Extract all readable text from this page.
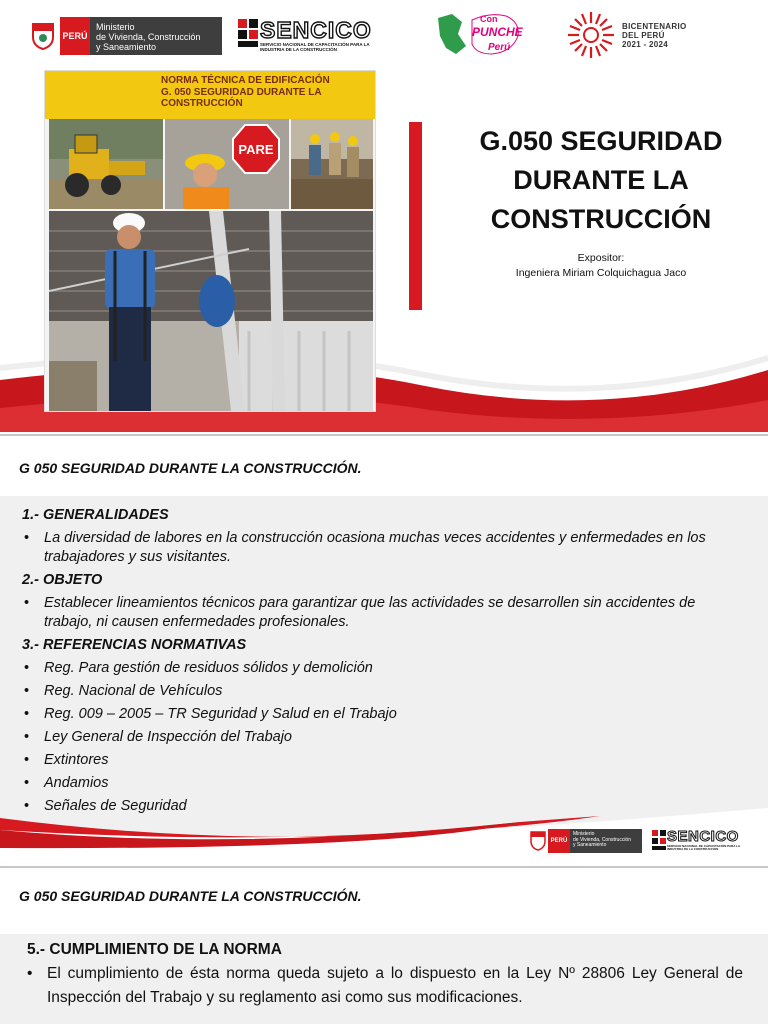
PERÚ
Ministerio
de Vivienda, Construcción
y Saneamiento
SENCICO
SERVICIO NACIONAL DE CAPACITACIÓN PARA LA INDUSTRIA DE LA CONSTRUCCIÓN
Con
PUNCHE
Perú
BICENTENARIO
DEL PERÚ
2021 - 2024
NORMA TÉCNICA DE EDIFICACIÓN
G. 050 SEGURIDAD DURANTE LA
CONSTRUCCIÓN
PARE	G.050 SEGURIDAD
DURANTE LA
CONSTRUCCIÓN
Expositor:
Ingeniera Miriam Colquichagua Jaco
G 050 SEGURIDAD DURANTE LA CONSTRUCCIÓN.
1.- GENERALIDADES
• La diversidad de labores en la construcción ocasiona muchas veces accidentes y enfermedades en los trabajadores y sus visitantes.
2.- OBJETO
• Establecer lineamientos técnicos para garantizar que las actividades se desarrollen sin accidentes de trabajo, ni causen enfermedades profesionales.
3.- REFERENCIAS NORMATIVAS
• Reg. Para gestión de residuos sólidos y demolición
• Reg. Nacional de Vehículos
• Reg. 009 – 2005 – TR Seguridad y Salud en el Trabajo
• Ley General de Inspección del Trabajo
• Extintores
• Andamios
• Señales de Seguridad
PERÚ
Ministerio
de Vivienda, Construcción
y Saneamiento	SENCICO
SERVICIO NACIONAL DE CAPACITACIÓN PARA LA INDUSTRIA DE LA CONSTRUCCIÓN
G 050 SEGURIDAD DURANTE LA CONSTRUCCIÓN.
5.- CUMPLIMIENTO DE LA NORMA
• El cumplimiento de ésta norma queda sujeto a lo dispuesto en la Ley Nº 28806 Ley General de Inspección del Trabajo y su reglamento asi como sus modificaciones.
